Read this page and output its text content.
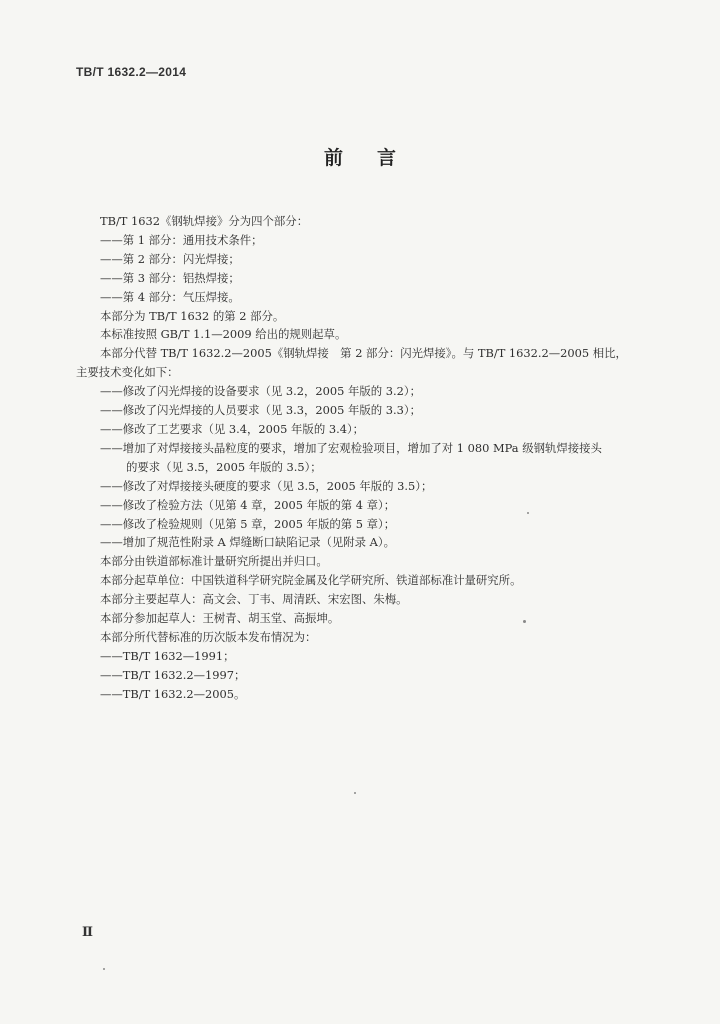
TB/T 1632.2—2014
前言
TB/T 1632《钢轨焊接》分为四个部分：
——第 1 部分：通用技术条件；
——第 2 部分：闪光焊接；
——第 3 部分：铝热焊接；
——第 4 部分：气压焊接。
本部分为 TB/T 1632 的第 2 部分。
本标准按照 GB/T 1.1—2009 给出的规则起草。
本部分代替 TB/T 1632.2—2005《钢轨焊接　第 2 部分：闪光焊接》。与 TB/T 1632.2—2005 相比，
主要技术变化如下：
——修改了闪光焊接的设备要求（见 3.2，2005 年版的 3.2）；
——修改了闪光焊接的人员要求（见 3.3，2005 年版的 3.3）；
——修改了工艺要求（见 3.4，2005 年版的 3.4）；
——增加了对焊接接头晶粒度的要求，增加了宏观检验项目，增加了对 1 080 MPa 级钢轨焊接接头
的要求（见 3.5，2005 年版的 3.5）；
——修改了对焊接接头硬度的要求（见 3.5，2005 年版的 3.5）；
——修改了检验方法（见第 4 章，2005 年版的第 4 章）；
——修改了检验规则（见第 5 章，2005 年版的第 5 章）；
——增加了规范性附录 A 焊缝断口缺陷记录（见附录 A）。
本部分由铁道部标准计量研究所提出并归口。
本部分起草单位：中国铁道科学研究院金属及化学研究所、铁道部标准计量研究所。
本部分主要起草人：高文会、丁韦、周清跃、宋宏图、朱梅。
本部分参加起草人：王树青、胡玉堂、高振坤。
本部分所代替标准的历次版本发布情况为：
——TB/T 1632—1991；
——TB/T 1632.2—1997；
——TB/T 1632.2—2005。
Ⅱ
